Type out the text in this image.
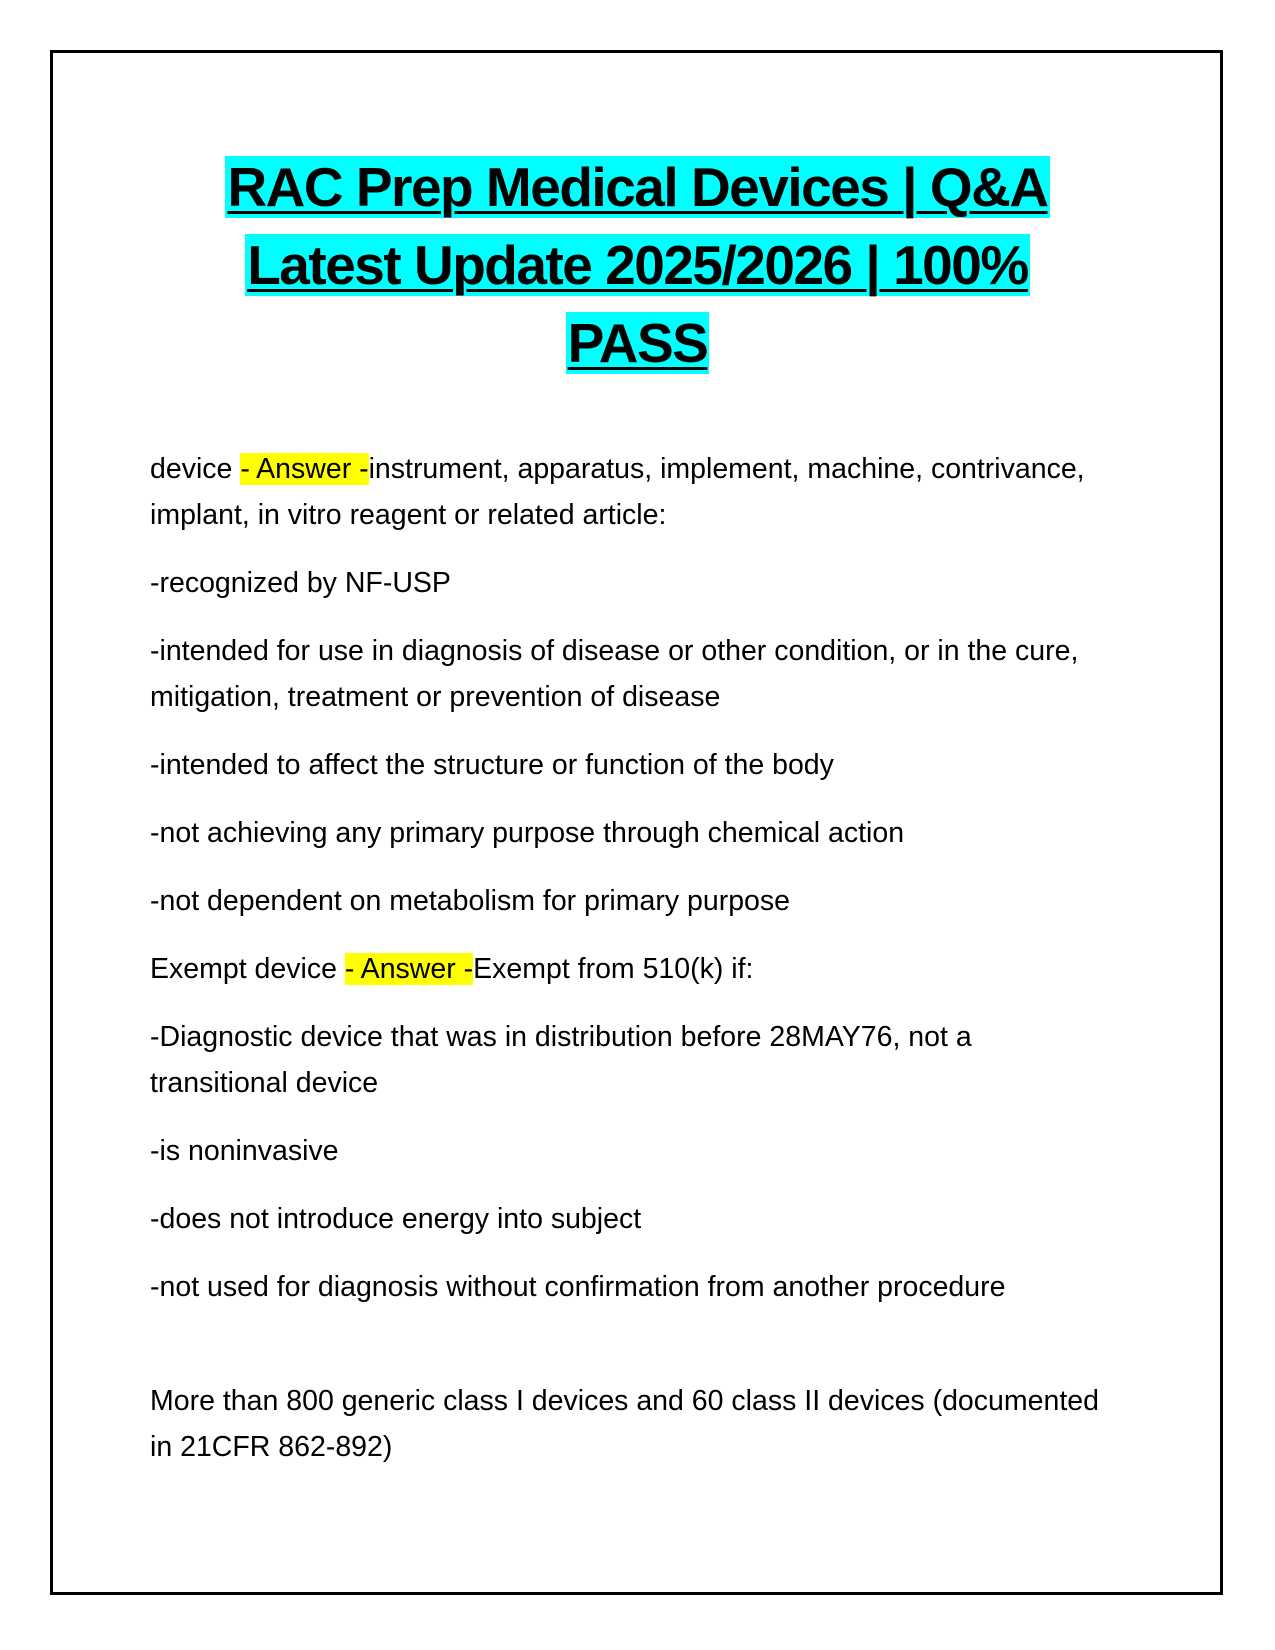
RAC Prep Medical Devices | Q&A
Latest Update 2025/2026 | 100%
PASS

device - Answer -instrument, apparatus, implement, machine, contrivance, implant, in vitro reagent or related article:

-recognized by NF-USP

-intended for use in diagnosis of disease or other condition, or in the cure, mitigation, treatment or prevention of disease

-intended to affect the structure or function of the body

-not achieving any primary purpose through chemical action

-not dependent on metabolism for primary purpose

Exempt device - Answer -Exempt from 510(k) if:

-Diagnostic device that was in distribution before 28MAY76, not a transitional device

-is noninvasive

-does not introduce energy into subject

-not used for diagnosis without confirmation from another procedure

More than 800 generic class I devices and 60 class II devices (documented in 21CFR 862-892)
